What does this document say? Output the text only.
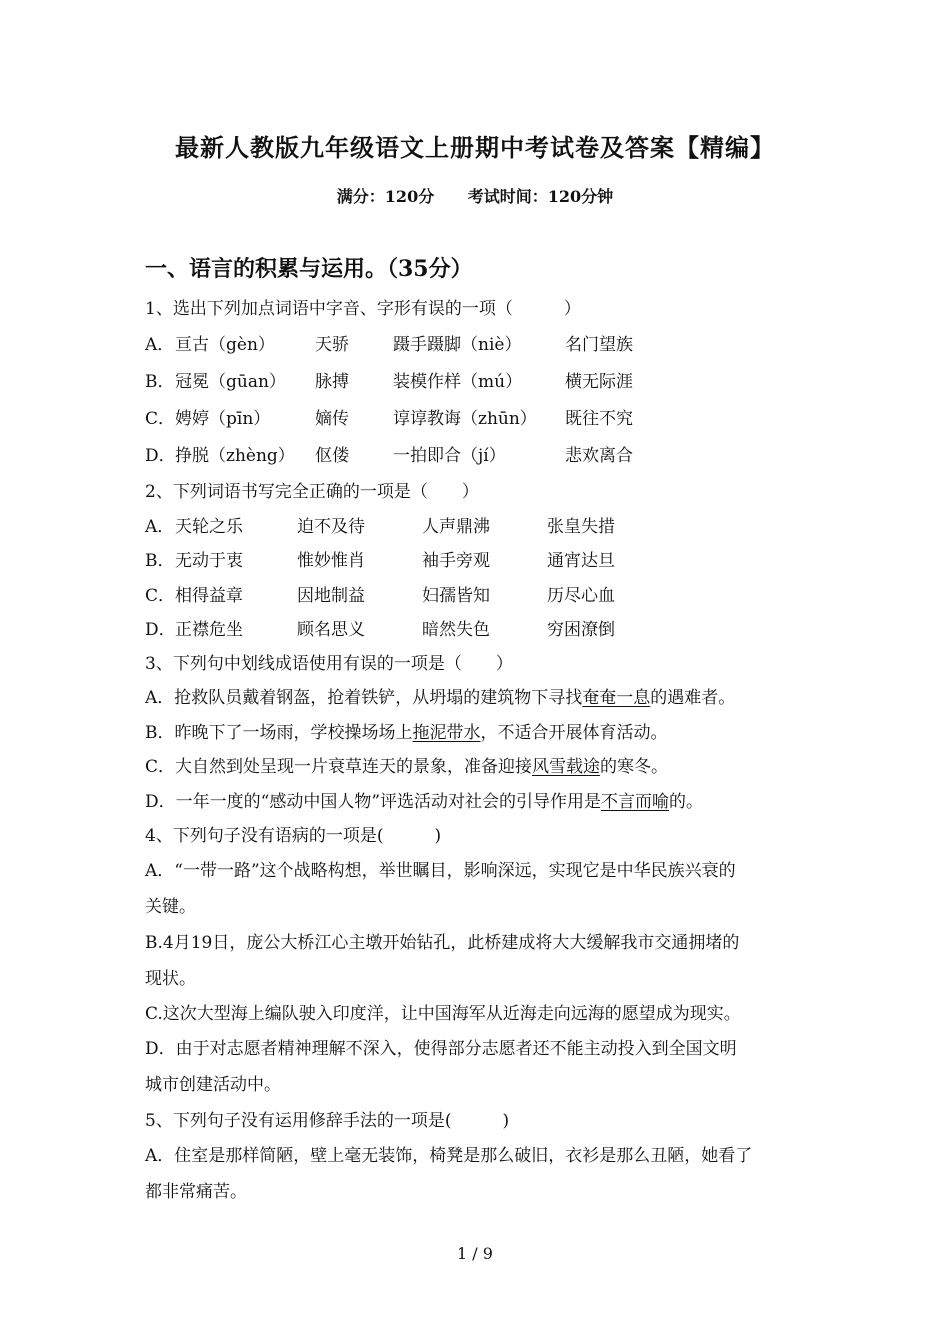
最新人教版九年级语文上册期中考试卷及答案【精编】
满分：120分 考试时间：120分钟
一、语言的积累与运用。（35分）
1、选出下列加点词语中字音、字形有误的一项（　　　）
A．亘古（gèn） 天骄	蹑手蹑脚（niè）	名门望族
B．冠冕（gūan） 脉搏	装模作样（mú）	横无际涯
C．娉婷（pīn）	嫡传	谆谆教诲（zhūn） 既往不究
D．挣脱（zhèng） 伛偻	一拍即合（jí）	悲欢离合
2、下列词语书写完全正确的一项是（　　）
A．天轮之乐	迫不及待	人声鼎沸	张皇失措
B．无动于衷	惟妙惟肖	袖手旁观	通宵达旦
C．相得益章	因地制益	妇孺皆知	历尽心血
D．正襟危坐	顾名思义	暗然失色	穷困潦倒
3、下列句中划线成语使用有误的一项是（　　）
A．抢救队员戴着钢盔，抢着铁铲，从坍塌的建筑物下寻找奄奄一息的遇难者。
B．昨晚下了一场雨，学校操场场上拖泥带水，不适合开展体育活动。
C．大自然到处呈现一片衰草连天的景象，准备迎接风雪载途的寒冬。
D．一年一度的“感动中国人物”评选活动对社会的引导作用是不言而喻的。
4、下列句子没有语病的一项是(　　　)
A．“一带一路”这个战略构想，举世瞩目，影响深远，实现它是中华民族兴衰的
关键。
B.4月19日，庞公大桥江心主墩开始钻孔，此桥建成将大大缓解我市交通拥堵的
现状。
C.这次大型海上编队驶入印度洋，让中国海军从近海走向远海的愿望成为现实。
D．由于对志愿者精神理解不深入，使得部分志愿者还不能主动投入到全国文明
城市创建活动中。
5、下列句子没有运用修辞手法的一项是(　　　)
A．住室是那样简陋，壁上毫无装饰，椅凳是那么破旧，衣衫是那么丑陋，她看了
都非常痛苦。
1 / 9
